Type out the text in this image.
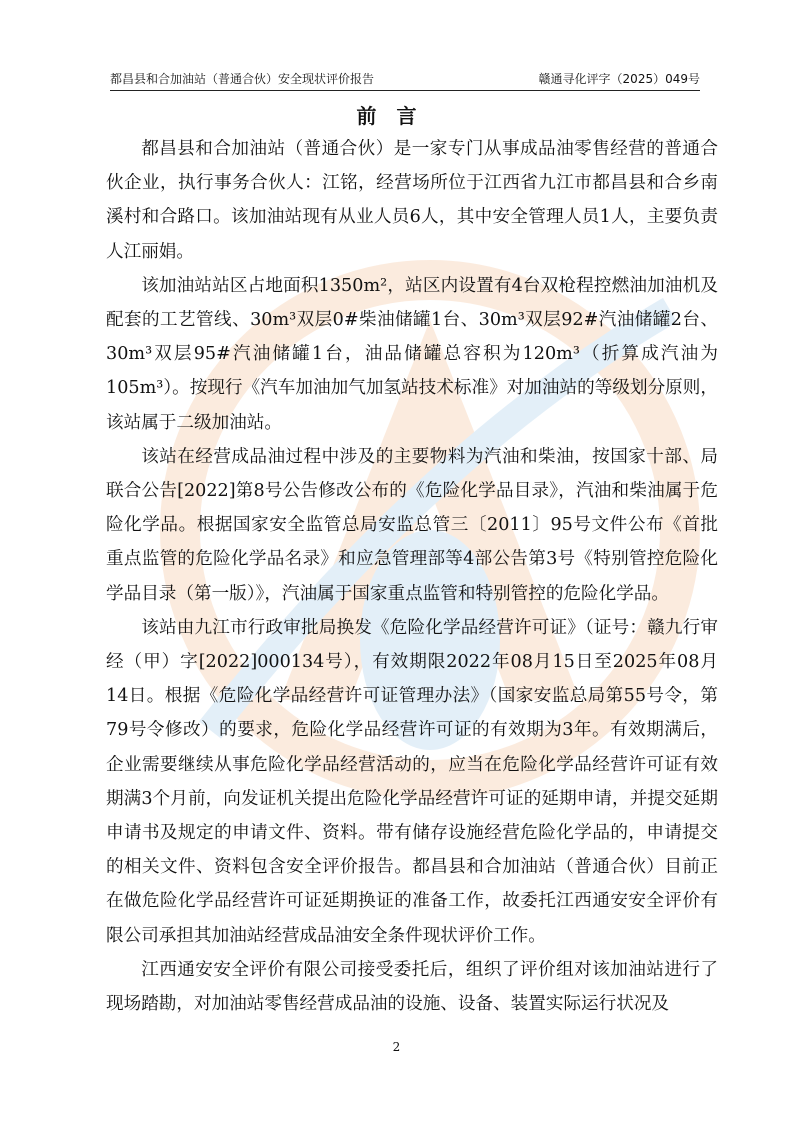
都昌县和合加油站（普通合伙）安全现状评价报告	赣通寻化评字（2025）049号
前言

都昌县和合加油站（普通合伙）是一家专门从事成品油零售经营的普通合伙企业，执行事务合伙人：江铭，经营场所位于江西省九江市都昌县和合乡南溪村和合路口。该加油站现有从业人员6人，其中安全管理人员1人，主要负责人江丽娟。

该加油站站区占地面积1350m²，站区内设置有4台双枪程控燃油加油机及配套的工艺管线、30m³双层0#柴油储罐1台、30m³双层92#汽油储罐2台、30m³双层95#汽油储罐1台，油品储罐总容积为120m³（折算成汽油为105m³）。按现行《汽车加油加气加氢站技术标准》对加油站的等级划分原则，该站属于二级加油站。

该站在经营成品油过程中涉及的主要物料为汽油和柴油，按国家十部、局联合公告[2022]第8号公告修改公布的《危险化学品目录》，汽油和柴油属于危险化学品。根据国家安全监管总局安监总管三〔2011〕95号文件公布《首批重点监管的危险化学品名录》和应急管理部等4部公告第3号《特别管控危险化学品目录（第一版）》，汽油属于国家重点监管和特别管控的危险化学品。

该站由九江市行政审批局换发《危险化学品经营许可证》（证号：赣九行审经（甲）字[2022]000134号），有效期限2022年08月15日至2025年08月14日。根据《危险化学品经营许可证管理办法》（国家安监总局第55号令，第79号令修改）的要求，危险化学品经营许可证的有效期为3年。有效期满后，企业需要继续从事危险化学品经营活动的，应当在危险化学品经营许可证有效期满3个月前，向发证机关提出危险化学品经营许可证的延期申请，并提交延期申请书及规定的申请文件、资料。带有储存设施经营危险化学品的，申请提交的相关文件、资料包含安全评价报告。都昌县和合加油站（普通合伙）目前正在做危险化学品经营许可证延期换证的准备工作，故委托江西通安安全评价有限公司承担其加油站经营成品油安全条件现状评价工作。

江西通安安全评价有限公司接受委托后，组织了评价组对该加油站进行了现场踏勘，对加油站零售经营成品油的设施、设备、装置实际运行状况及

2
